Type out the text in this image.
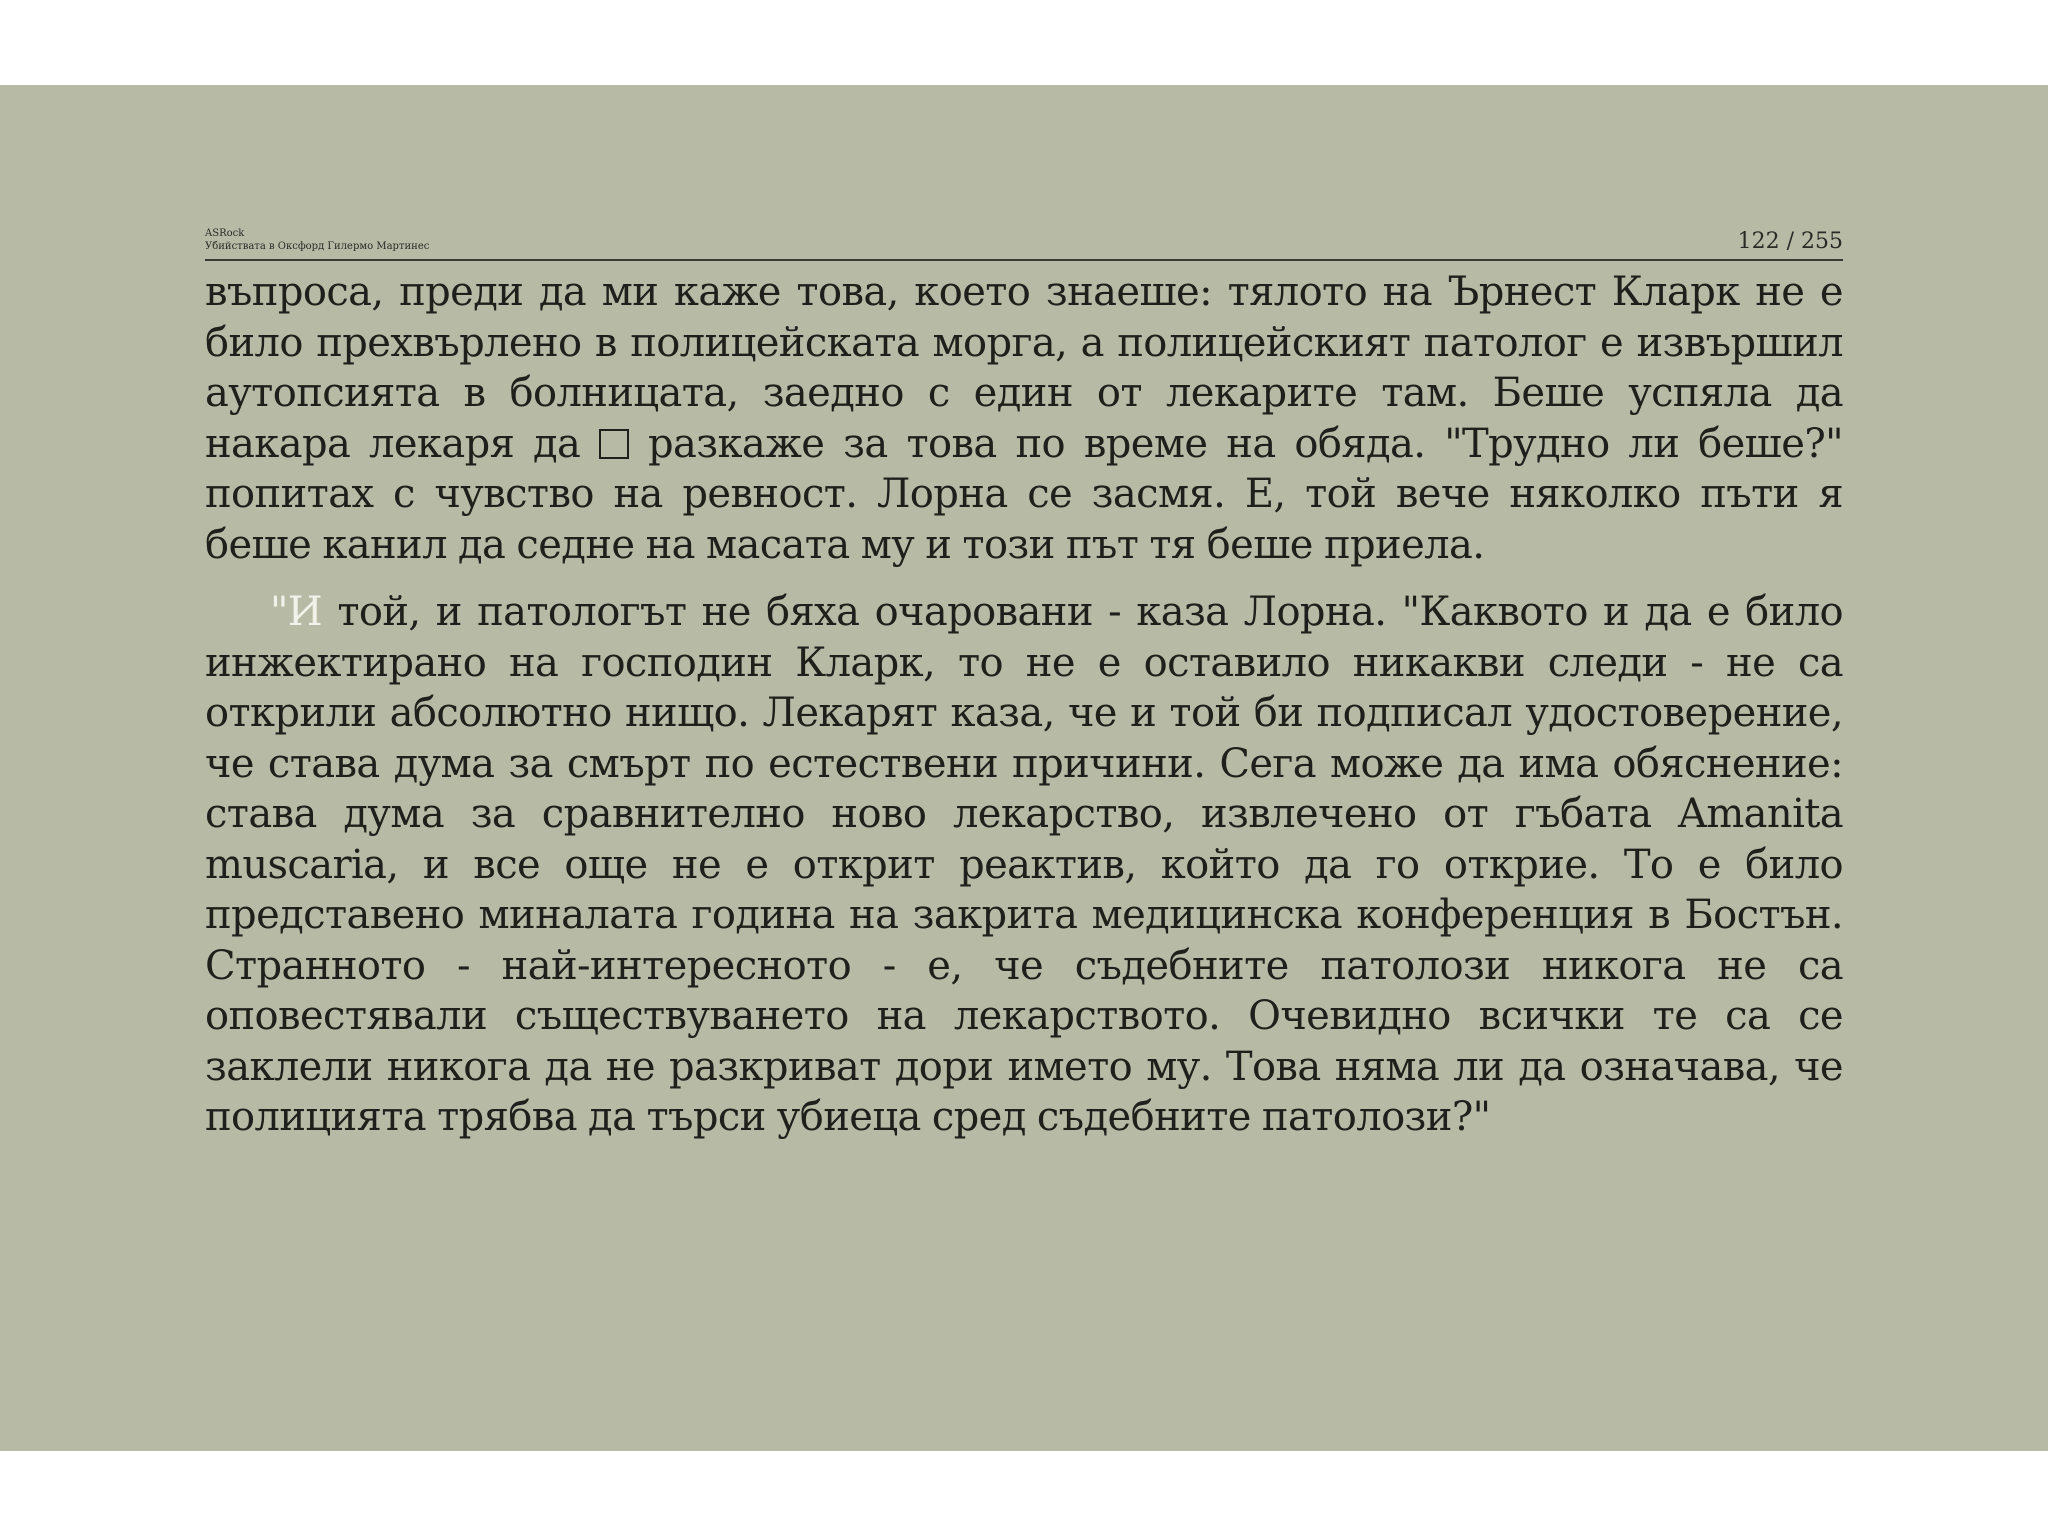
ASRock
Убийствата в Оксфорд Гилермо Мартинес	122 / 255

въпроса, преди да ми каже това, което знаеше: тялото на Ърнест Кларк не е било прехвърлено в полицейската морга, а полицейският патолог е извършил аутопсията в болницата, заедно с един от лекарите там. Беше успяла да накара лекаря да разкаже за това по време на обяда. "Трудно ли беше?" попитах с чувство на ревност. Лорна се засмя. Е, той вече няколко пъти я беше канил да седне на масата му и този път тя беше приела.

"И той, и патологът не бяха очаровани - каза Лорна. "Каквото и да е било инжектирано на господин Кларк, то не е оставило никакви следи - не са открили абсолютно нищо. Лекарят каза, че и той би подписал удостоверение, че става дума за смърт по естествени причини. Сега може да има обяснение: става дума за сравнително ново лекарство, извлечено от гъбата Amanita muscaria, и все още не е открит реактив, който да го открие. То е било представено миналата година на закрита медицинска конференция в Бостън. Странното - най-интересното - е, че съдебните патолози никога не са оповестявали съществуването на лекарството. Очевидно всички те са се заклели никога да не разкриват дори името му. Това няма ли да означава, че полицията трябва да търси убиеца сред съдебните патолози?"
